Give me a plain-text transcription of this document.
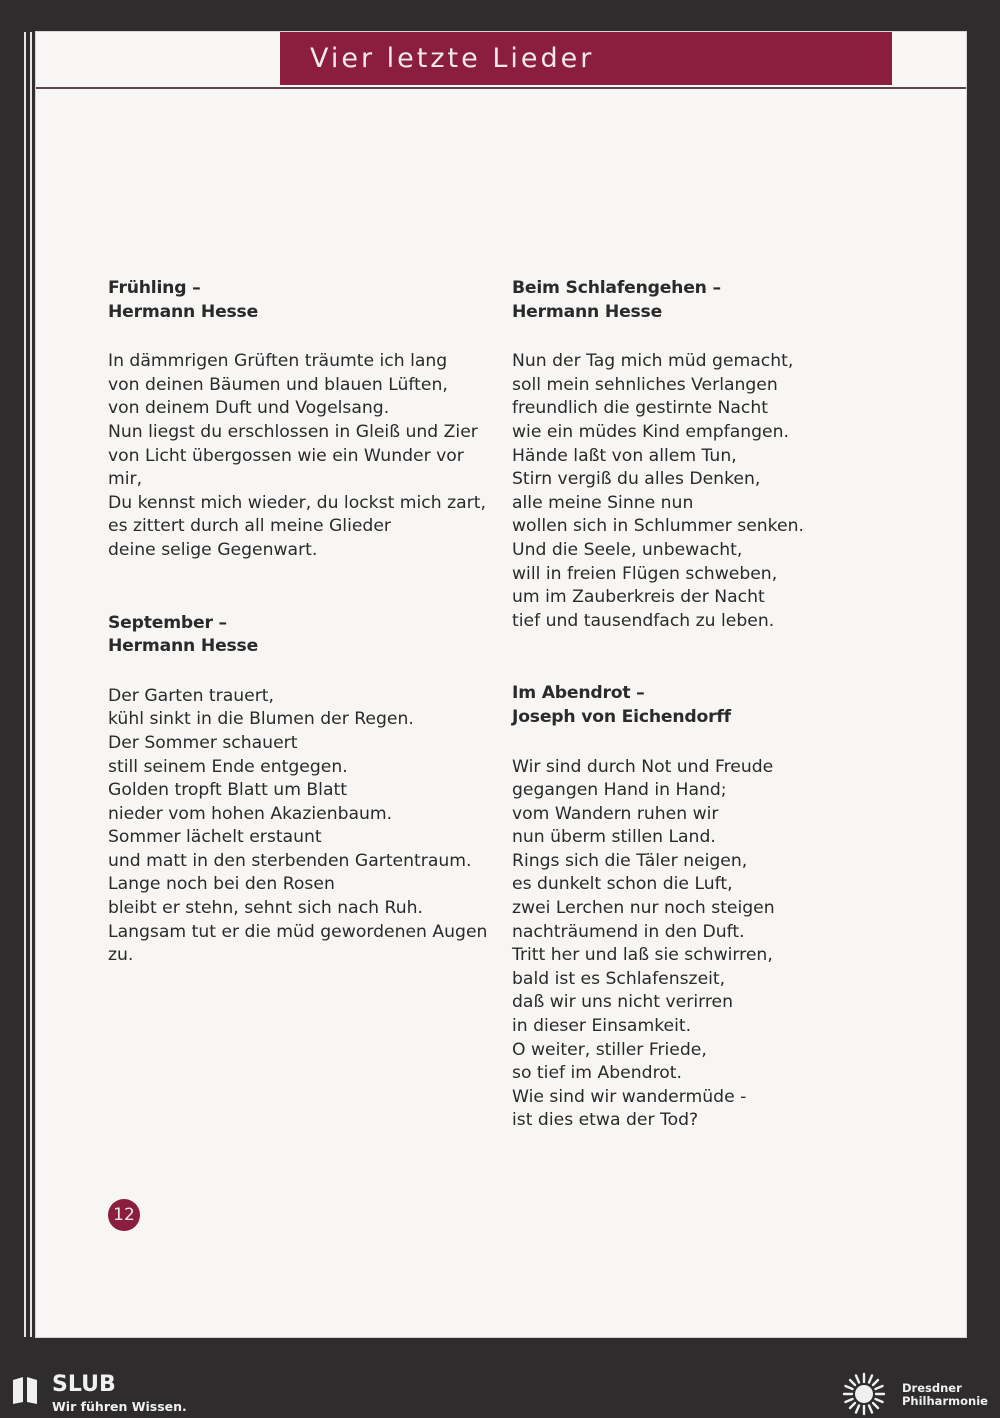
Vier letzte Lieder
Frühling –
Hermann Hesse
In dämmrigen Grüften träumte ich lang
von deinen Bäumen und blauen Lüften,
von deinem Duft und Vogelsang.
Nun liegst du erschlossen in Gleiß und Zier
von Licht übergossen wie ein Wunder vor
mir,
Du kennst mich wieder, du lockst mich zart,
es zittert durch all meine Glieder
deine selige Gegenwart.
September –
Hermann Hesse
Der Garten trauert,
kühl sinkt in die Blumen der Regen.
Der Sommer schauert
still seinem Ende entgegen.
Golden tropft Blatt um Blatt
nieder vom hohen Akazienbaum.
Sommer lächelt erstaunt
und matt in den sterbenden Gartentraum.
Lange noch bei den Rosen
bleibt er stehn, sehnt sich nach Ruh.
Langsam tut er die müd gewordenen Augen
zu.
Beim Schlafengehen –
Hermann Hesse
Nun der Tag mich müd gemacht,
soll mein sehnliches Verlangen
freundlich die gestirnte Nacht
wie ein müdes Kind empfangen.
Hände laßt von allem Tun,
Stirn vergiß du alles Denken,
alle meine Sinne nun
wollen sich in Schlummer senken.
Und die Seele, unbewacht,
will in freien Flügen schweben,
um im Zauberkreis der Nacht
tief und tausendfach zu leben.
Im Abendrot –
Joseph von Eichendorff
Wir sind durch Not und Freude
gegangen Hand in Hand;
vom Wandern ruhen wir
nun überm stillen Land.
Rings sich die Täler neigen,
es dunkelt schon die Luft,
zwei Lerchen nur noch steigen
nachträumend in den Duft.
Tritt her und laß sie schwirren,
bald ist es Schlafenszeit,
daß wir uns nicht verirren
in dieser Einsamkeit.
O weiter, stiller Friede,
so tief im Abendrot.
Wie sind wir wandermüde -
ist dies etwa der Tod?
12
SLUB
Wir führen Wissen.
Dresdner
Philharmonie
